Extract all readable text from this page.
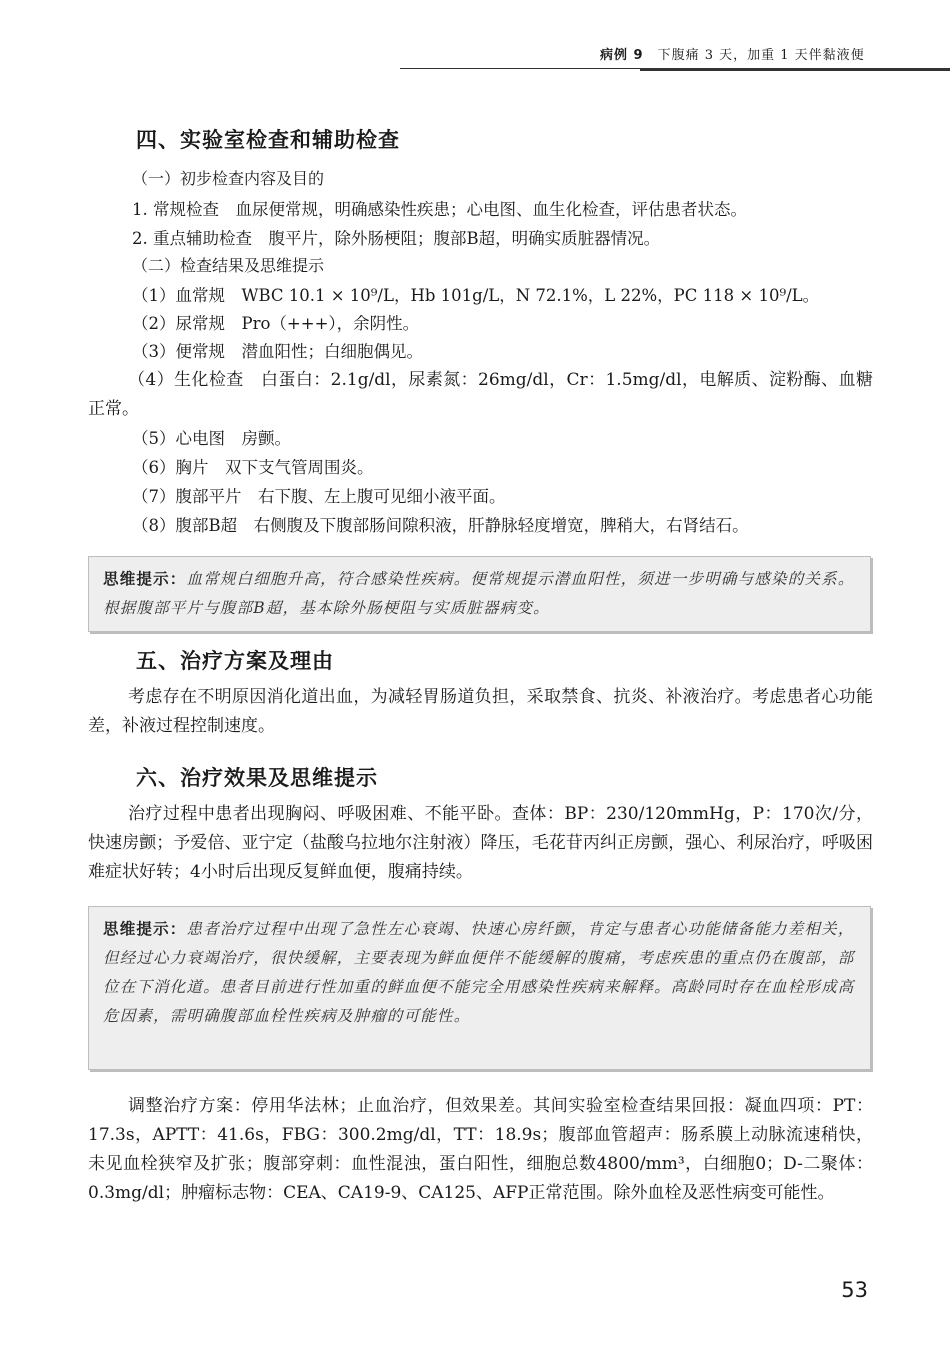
病例 9 下腹痛 3 天，加重 1 天伴黏液便
四、实验室检查和辅助检查
（一）初步检查内容及目的
1. 常规检查　血尿便常规，明确感染性疾患；心电图、血生化检查，评估患者状态。
2. 重点辅助检查　腹平片，除外肠梗阻；腹部B超，明确实质脏器情况。
（二）检查结果及思维提示
（1）血常规　WBC 10.1 × 10⁹/L，Hb 101g/L，N 72.1%，L 22%，PC 118 × 10⁹/L。
（2）尿常规　Pro（+++），余阴性。
（3）便常规　潜血阳性；白细胞偶见。
（4）生化检查　白蛋白：2.1g/dl，尿素氮：26mg/dl，Cr：1.5mg/dl，电解质、淀粉酶、血糖正常。
（5）心电图　房颤。
（6）胸片　双下支气管周围炎。
（7）腹部平片　右下腹、左上腹可见细小液平面。
（8）腹部B超　右侧腹及下腹部肠间隙积液，肝静脉轻度增宽，脾稍大，右肾结石。
思维提示：血常规白细胞升高，符合感染性疾病。便常规提示潜血阳性，须进一步明确与感染的关系。根据腹部平片与腹部B超，基本除外肠梗阻与实质脏器病变。
五、治疗方案及理由
考虑存在不明原因消化道出血，为减轻胃肠道负担，采取禁食、抗炎、补液治疗。考虑患者心功能差，补液过程控制速度。
六、治疗效果及思维提示
治疗过程中患者出现胸闷、呼吸困难、不能平卧。查体：BP：230/120mmHg，P：170次/分，快速房颤；予爱倍、亚宁定（盐酸乌拉地尔注射液）降压，毛花苷丙纠正房颤，强心、利尿治疗，呼吸困难症状好转；4小时后出现反复鲜血便，腹痛持续。
思维提示：患者治疗过程中出现了急性左心衰竭、快速心房纤颤，肯定与患者心功能储备能力差相关，但经过心力衰竭治疗，很快缓解，主要表现为鲜血便伴不能缓解的腹痛，考虑疾患的重点仍在腹部，部位在下消化道。患者目前进行性加重的鲜血便不能完全用感染性疾病来解释。高龄同时存在血栓形成高危因素，需明确腹部血栓性疾病及肿瘤的可能性。
调整治疗方案：停用华法林；止血治疗，但效果差。其间实验室检查结果回报：凝血四项：PT：17.3s，APTT：41.6s，FBG：300.2mg/dl，TT：18.9s；腹部血管超声：肠系膜上动脉流速稍快，未见血栓狭窄及扩张；腹部穿刺：血性混浊，蛋白阳性，细胞总数4800/mm³，白细胞0；D-二聚体：0.3mg/dl；肿瘤标志物：CEA、CA19-9、CA125、AFP正常范围。除外血栓及恶性病变可能性。
53
